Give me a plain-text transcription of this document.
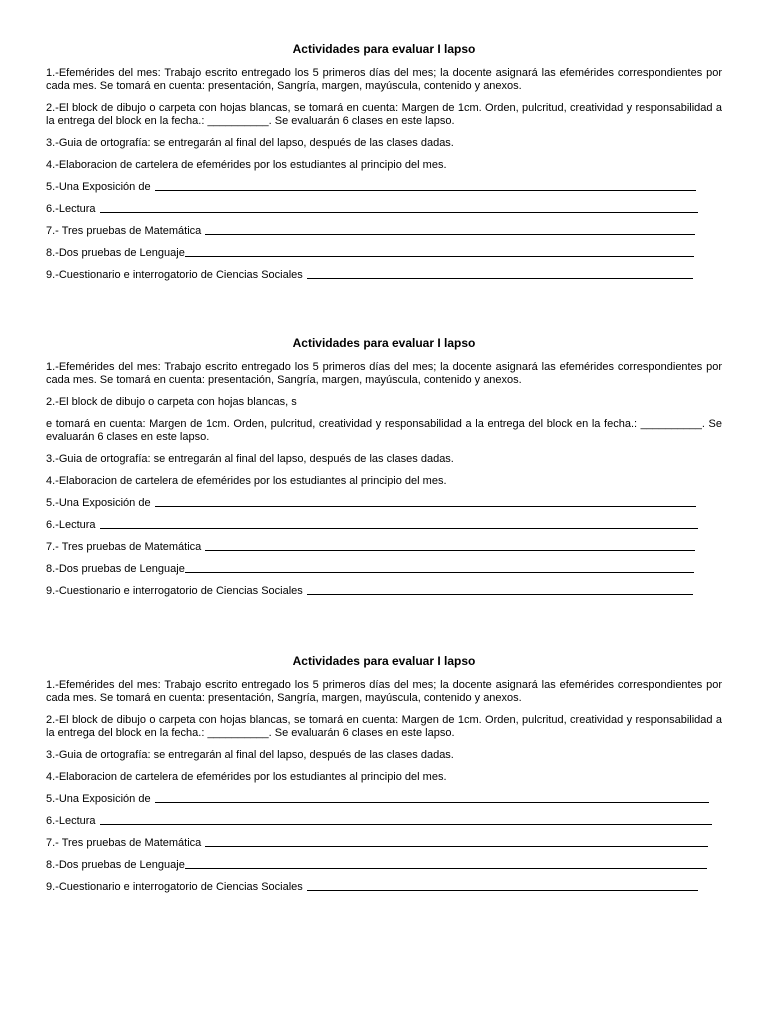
Actividades para evaluar I lapso
1.-Efemérides del mes: Trabajo escrito entregado los 5 primeros días del mes; la docente asignará las efemérides correspondientes por cada mes. Se tomará en cuenta: presentación, Sangría, margen, mayúscula, contenido y anexos.
2.-El block de dibujo o carpeta con hojas blancas, se tomará en cuenta: Margen de 1cm. Orden, pulcritud, creatividad y responsabilidad a la entrega del block en la fecha.: __________. Se evaluarán 6 clases en este lapso.
3.-Guia de ortografía: se entregarán al final del lapso, después de las clases dadas.
4.-Elaboracion de cartelera de efemérides por los estudiantes al principio del mes.
5.-Una Exposición de
6.-Lectura
7.- Tres pruebas de Matemática
8.-Dos pruebas de Lenguaje
9.-Cuestionario e interrogatorio de Ciencias Sociales
Actividades para evaluar I lapso
1.-Efemérides del mes: Trabajo escrito entregado los 5 primeros días del mes; la docente asignará las efemérides correspondientes por cada mes. Se tomará en cuenta: presentación, Sangría, margen, mayúscula, contenido y anexos.
2.-El block de dibujo o carpeta con hojas blancas, s
e tomará en cuenta: Margen de 1cm. Orden, pulcritud, creatividad y responsabilidad a la entrega del block en la fecha.: __________. Se evaluarán 6 clases en este lapso.
3.-Guia de ortografía: se entregarán al final del lapso, después de las clases dadas.
4.-Elaboracion de cartelera de efemérides por los estudiantes al principio del mes.
5.-Una Exposición de
6.-Lectura
7.- Tres pruebas de Matemática
8.-Dos pruebas de Lenguaje
9.-Cuestionario e interrogatorio de Ciencias Sociales
Actividades para evaluar I lapso
1.-Efemérides del mes: Trabajo escrito entregado los 5 primeros días del mes; la docente asignará las efemérides correspondientes por cada mes. Se tomará en cuenta: presentación, Sangría, margen, mayúscula, contenido y anexos.
2.-El block de dibujo o carpeta con hojas blancas, se tomará en cuenta: Margen de 1cm. Orden, pulcritud, creatividad y responsabilidad a la entrega del block en la fecha.: __________. Se evaluarán 6 clases en este lapso.
3.-Guia de ortografía: se entregarán al final del lapso, después de las clases dadas.
4.-Elaboracion de cartelera de efemérides por los estudiantes al principio del mes.
5.-Una Exposición de
6.-Lectura
7.- Tres pruebas de Matemática
8.-Dos pruebas de Lenguaje
9.-Cuestionario e interrogatorio de Ciencias Sociales
